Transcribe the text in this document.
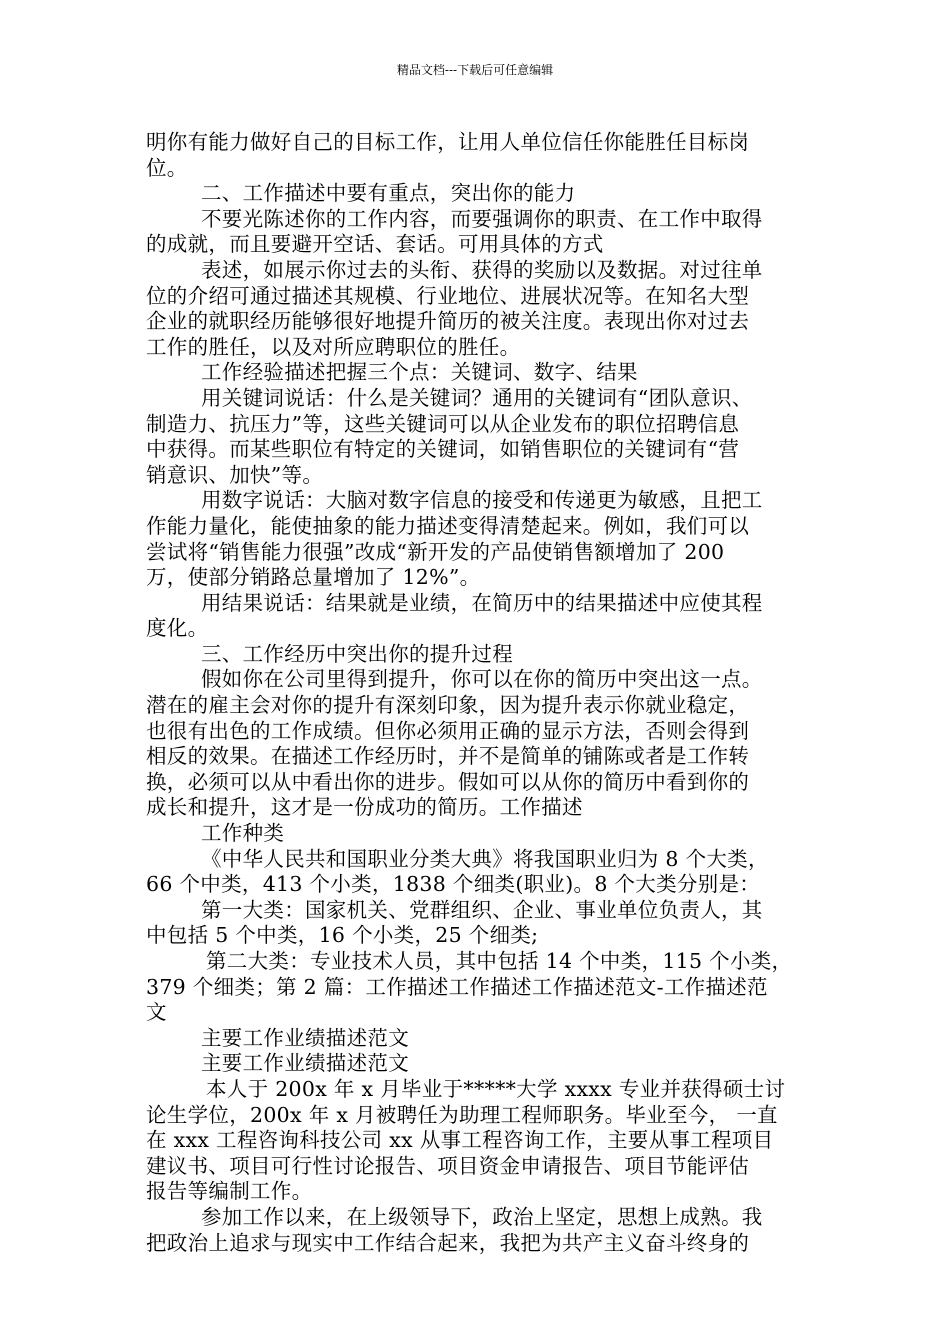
精品文档---下载后可任意编辑
明你有能力做好自己的目标工作，让用人单位信任你能胜任目标岗
位。
二、工作描述中要有重点，突出你的能力
不要光陈述你的工作内容，而要强调你的职责、在工作中取得
的成就，而且要避开空话、套话。可用具体的方式
表述，如展示你过去的头衔、获得的奖励以及数据。对过往单
位的介绍可通过描述其规模、行业地位、进展状况等。在知名大型
企业的就职经历能够很好地提升简历的被关注度。表现出你对过去
工作的胜任，以及对所应聘职位的胜任。
工作经验描述把握三个点：关键词、数字、结果
用关键词说话：什么是关键词？通用的关键词有“团队意识、
制造力、抗压力”等，这些关键词可以从企业发布的职位招聘信息
中获得。而某些职位有特定的关键词，如销售职位的关键词有“营
销意识、加快”等。
用数字说话：大脑对数字信息的接受和传递更为敏感，且把工
作能力量化，能使抽象的能力描述变得清楚起来。例如，我们可以
尝试将“销售能力很强”改成“新开发的产品使销售额增加了 200
万，使部分销路总量增加了 12%”。
用结果说话：结果就是业绩，在简历中的结果描述中应使其程
度化。
三、工作经历中突出你的提升过程
假如你在公司里得到提升，你可以在你的简历中突出这一点。
潜在的雇主会对你的提升有深刻印象，因为提升表示你就业稳定，
也很有出色的工作成绩。但你必须用正确的显示方法，否则会得到
相反的效果。在描述工作经历时，并不是简单的铺陈或者是工作转
换，必须可以从中看出你的进步。假如可以从你的简历中看到你的
成长和提升，这才是一份成功的简历。工作描述
工作种类
《中华人民共和国职业分类大典》将我国职业归为 8 个大类，
66 个中类，413 个小类，1838 个细类(职业)。8 个大类分别是：
第一大类：国家机关、党群组织、企业、事业单位负责人，其
中包括 5 个中类，16 个小类，25 个细类;
第二大类：专业技术人员，其中包括 14 个中类，115 个小类，
379 个细类；第 2 篇：工作描述工作描述工作描述范文-工作描述范
文
主要工作业绩描述范文
主要工作业绩描述范文
本人于 200x 年 x 月毕业于*****大学 xxxx 专业并获得硕士讨
论生学位，200x 年 x 月被聘任为助理工程师职务。毕业至今， 一直
在 xxx 工程咨询科技公司 xx 从事工程咨询工作，主要从事工程项目
建议书、项目可行性讨论报告、项目资金申请报告、项目节能评估
报告等编制工作。
参加工作以来，在上级领导下，政治上坚定，思想上成熟。我
把政治上追求与现实中工作结合起来，我把为共产主义奋斗终身的
